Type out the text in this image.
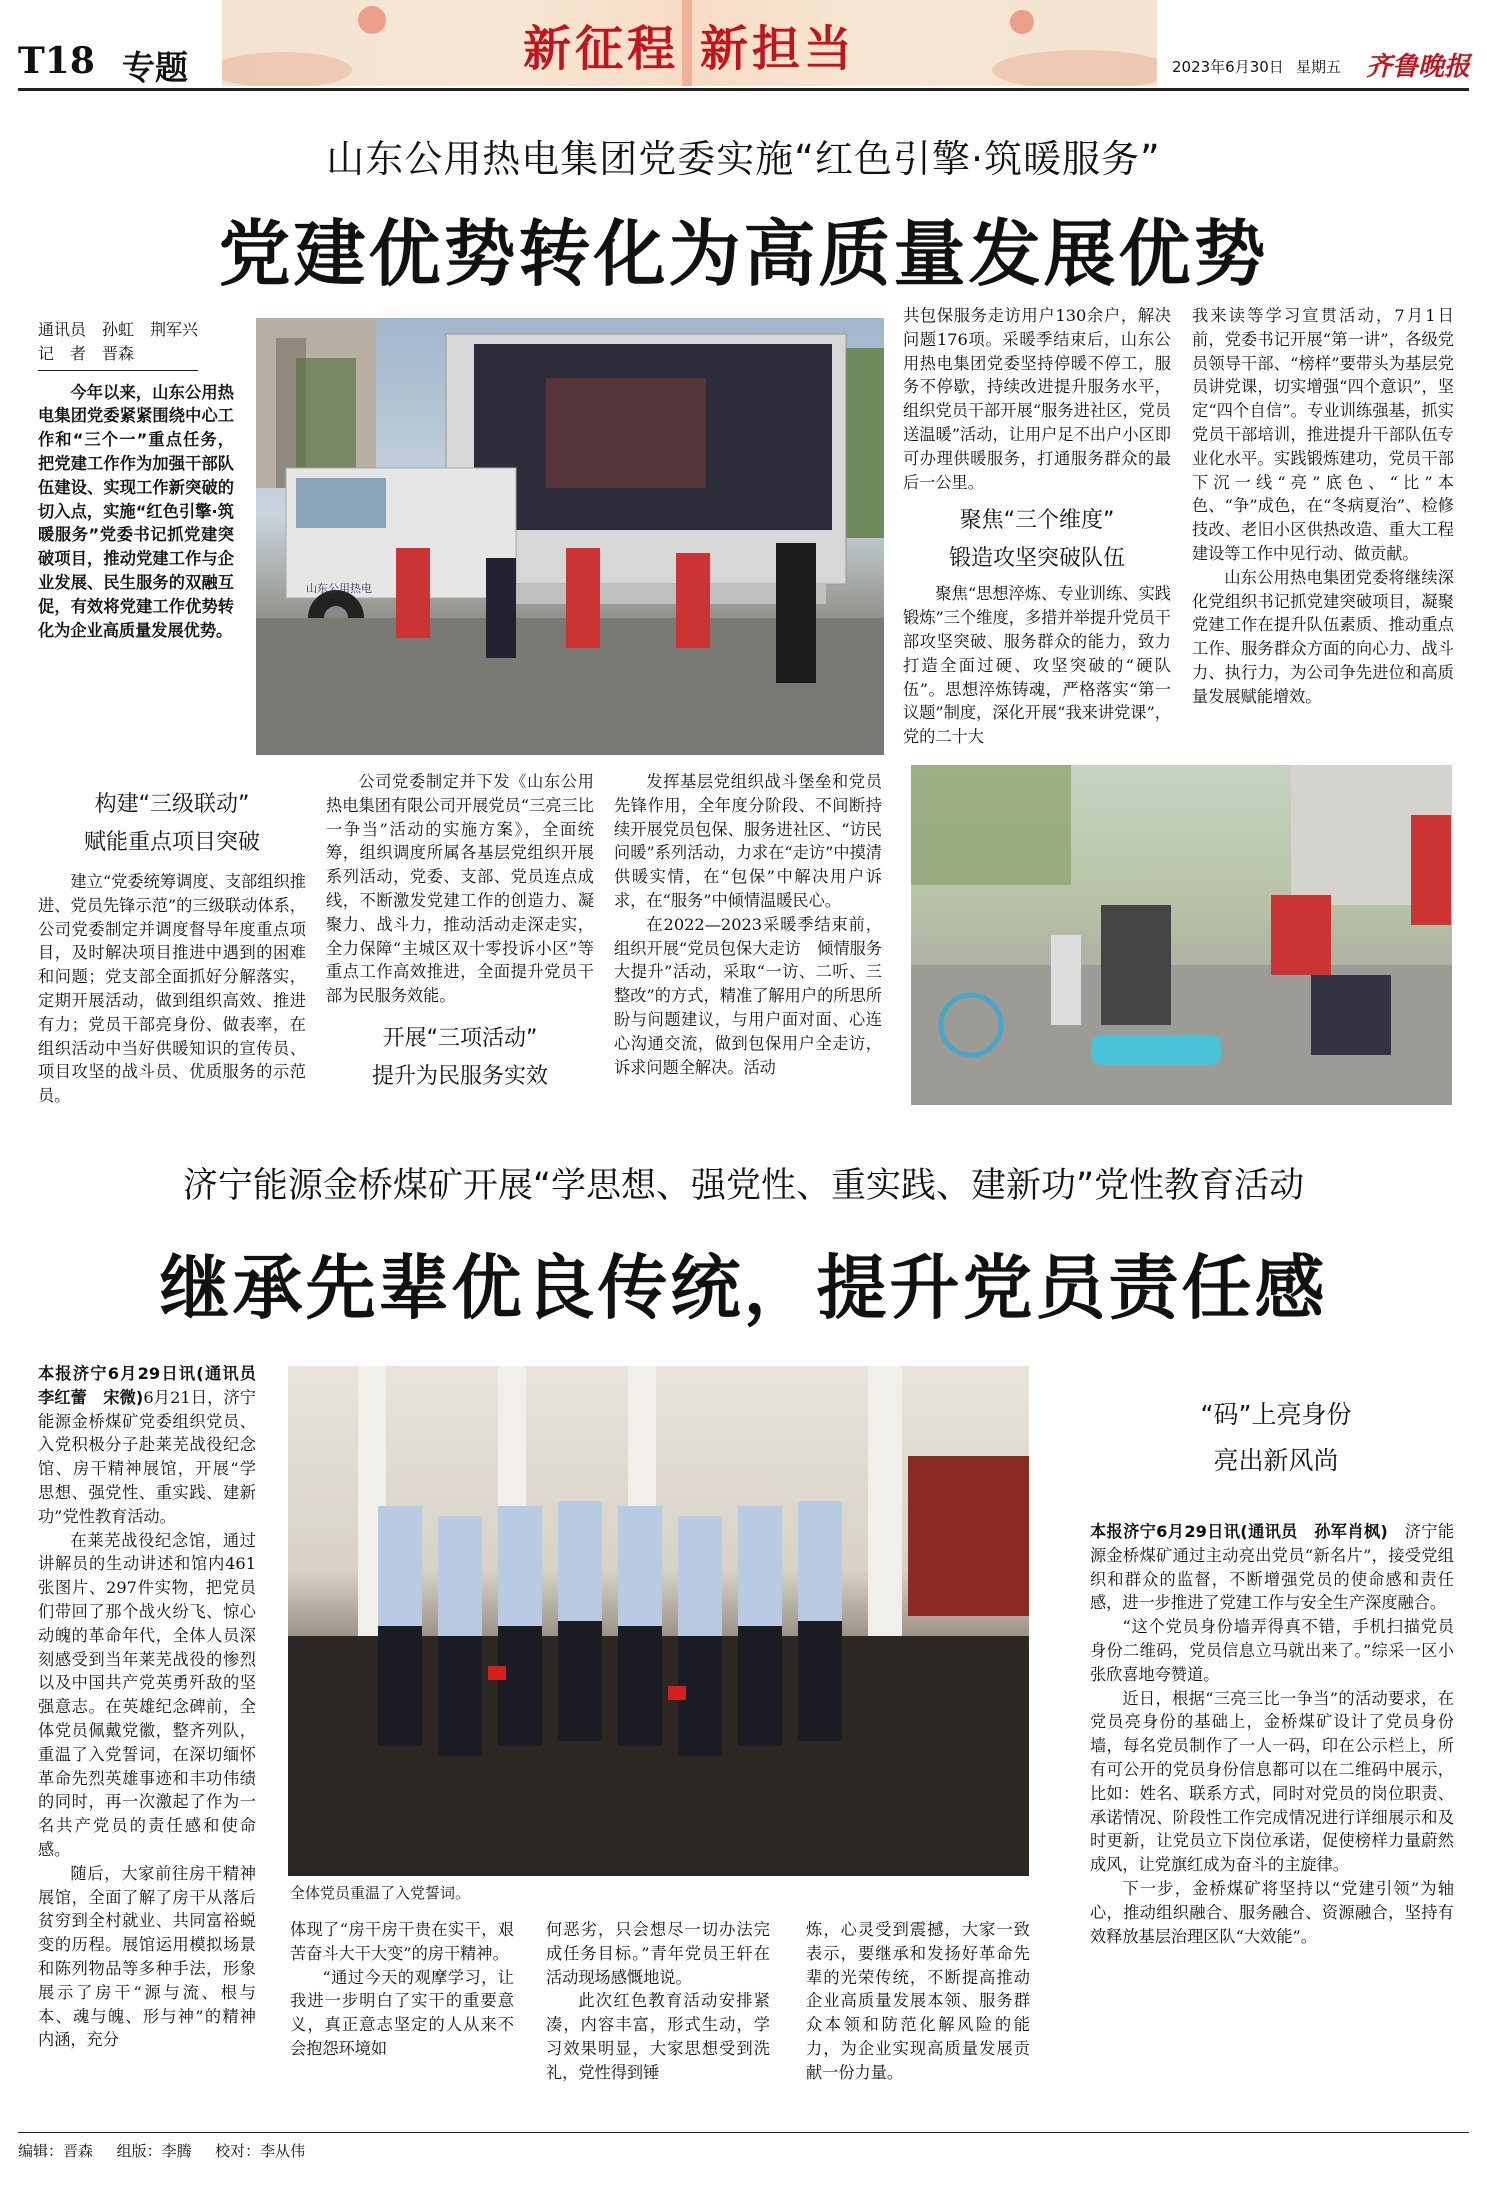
T18 专题	新征程 新担当	2023年6月30日 星期五 齐鲁晚报
山东公用热电集团党委实施“红色引擎·筑暖服务”
党建优势转化为高质量发展优势
通讯员　孙虹　荆军兴
记　者　晋森

今年以来，山东公用热电集团党委紧紧围绕中心工作和“三个一”重点任务，把党建工作作为加强干部队伍建设、实现工作新突破的切入点，实施“红色引擎·筑暖服务”党委书记抓党建突破项目，推动党建工作与企业发展、民生服务的双融互促，有效将党建工作优势转化为企业高质量发展优势。

山东公用热电

共包保服务走访用户130余户，解决问题176项。采暖季结束后，山东公用热电集团党委坚持停暖不停工，服务不停歇，持续改进提升服务水平，组织党员干部开展“服务进社区，党员送温暖”活动，让用户足不出户小区即可办理供暖服务，打通服务群众的最后一公里。

聚焦“三个维度”
锻造攻坚突破队伍

聚焦“思想淬炼、专业训练、实践锻炼”三个维度，多措并举提升党员干部攻坚突破、服务群众的能力，致力打造全面过硬、攻坚突破的“硬队伍”。思想淬炼铸魂，严格落实“第一议题”制度，深化开展“我来讲党课”，党的二十大

我来读等学习宣贯活动，7月1日前，党委书记开展“第一讲”，各级党员领导干部、“榜样”要带头为基层党员讲党课，切实增强“四个意识”，坚定“四个自信”。专业训练强基，抓实党员干部培训，推进提升干部队伍专业化水平。实践锻炼建功，党员干部下沉一线“亮”底色、“比”本色、“争”成色，在“冬病夏治”、检修技改、老旧小区供热改造、重大工程建设等工作中见行动、做贡献。

山东公用热电集团党委将继续深化党组织书记抓党建突破项目，凝聚党建工作在提升队伍素质、推动重点工作、服务群众方面的向心力、战斗力、执行力，为公司争先进位和高质量发展赋能增效。

构建“三级联动”
赋能重点项目突破

建立“党委统筹调度、支部组织推进、党员先锋示范”的三级联动体系，公司党委制定并调度督导年度重点项目，及时解决项目推进中遇到的困难和问题；党支部全面抓好分解落实，定期开展活动，做到组织高效、推进有力；党员干部亮身份、做表率，在组织活动中当好供暖知识的宣传员、项目攻坚的战斗员、优质服务的示范员。

公司党委制定并下发《山东公用热电集团有限公司开展党员“三亮三比一争当”活动的实施方案》，全面统筹，组织调度所属各基层党组织开展系列活动，党委、支部、党员连点成线，不断激发党建工作的创造力、凝聚力、战斗力，推动活动走深走实，全力保障“主城区双十零投诉小区”等重点工作高效推进，全面提升党员干部为民服务效能。

开展“三项活动”
提升为民服务实效

发挥基层党组织战斗堡垒和党员先锋作用，全年度分阶段、不间断持续开展党员包保、服务进社区、“访民问暖”系列活动，力求在“走访”中摸清供暖实情，在“包保”中解决用户诉求，在“服务”中倾情温暖民心。

在2022—2023采暖季结束前，组织开展“党员包保大走访　倾情服务大提升”活动，采取“一访、二听、三整改”的方式，精准了解用户的所思所盼与问题建议，与用户面对面、心连心沟通交流，做到包保用户全走访，诉求问题全解决。活动

济宁能源金桥煤矿开展“学思想、强党性、重实践、建新功”党性教育活动
继承先辈优良传统，提升党员责任感

本报济宁6月29日讯(通讯员　李红蕾　宋微)6月21日，济宁能源金桥煤矿党委组织党员、入党积极分子赴莱芜战役纪念馆、房干精神展馆，开展“学思想、强党性、重实践、建新功”党性教育活动。

在莱芜战役纪念馆，通过讲解员的生动讲述和馆内461张图片、297件实物，把党员们带回了那个战火纷飞、惊心动魄的革命年代，全体人员深刻感受到当年莱芜战役的惨烈以及中国共产党英勇歼敌的坚强意志。在英雄纪念碑前，全体党员佩戴党徽，整齐列队，重温了入党誓词，在深切缅怀革命先烈英雄事迹和丰功伟绩的同时，再一次激起了作为一名共产党员的责任感和使命感。

随后，大家前往房干精神展馆，全面了解了房干从落后贫穷到全村就业、共同富裕蜕变的历程。展馆运用模拟场景和陈列物品等多种手法，形象展示了房干“源与流、根与本、魂与魄、形与神”的精神内涵，充分

全体党员重温了入党誓词。

体现了“房干房干贵在实干，艰苦奋斗大干大变”的房干精神。

“通过今天的观摩学习，让我进一步明白了实干的重要意义，真正意志坚定的人从来不会抱怨环境如

何恶劣，只会想尽一切办法完成任务目标。”青年党员王轩在活动现场感慨地说。

此次红色教育活动安排紧凑，内容丰富，形式生动，学习效果明显，大家思想受到洗礼，党性得到锤

炼，心灵受到震撼，大家一致表示，要继承和发扬好革命先辈的光荣传统，不断提高推动企业高质量发展本领、服务群众本领和防范化解风险的能力，为企业实现高质量发展贡献一份力量。

“码”上亮身份
亮出新风尚

本报济宁6月29日讯(通讯员　孙军肖枫)　 济宁能源金桥煤矿通过主动亮出党员“新名片”，接受党组织和群众的监督，不断增强党员的使命感和责任感，进一步推进了党建工作与安全生产深度融合。

“这个党员身份墙弄得真不错，手机扫描党员身份二维码，党员信息立马就出来了。”综采一区小张欣喜地夸赞道。

近日，根据“三亮三比一争当”的活动要求，在党员亮身份的基础上，金桥煤矿设计了党员身份墙，每名党员制作了一人一码，印在公示栏上，所有可公开的党员身份信息都可以在二维码中展示，比如：姓名、联系方式，同时对党员的岗位职责、承诺情况、阶段性工作完成情况进行详细展示和及时更新，让党员立下岗位承诺，促使榜样力量蔚然成风，让党旗红成为奋斗的主旋律。

下一步，金桥煤矿将坚持以“党建引领”为轴心，推动组织融合、服务融合、资源融合，坚持有效释放基层治理区队“大效能”。

编辑：晋森 组版：李腾 校对：李从伟
